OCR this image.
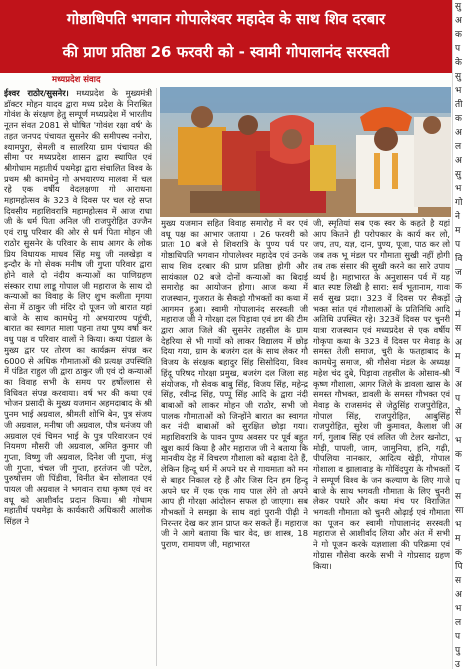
गोष्ठाधिपति भगवान गोपालेश्वर महादेव के साथ शिव दरबार
की प्राण प्रतिष्ठा 26 फरवरी को - स्वामी गोपालानंद सरस्वती
मध्यप्रदेश संवाद
ईश्वर राठोर/सुसनेर। मध्यप्रदेश के मुख्यमंत्री डॉक्टर मोहन यादव द्वारा मध्य प्रदेश के निराश्रित गोवंश के संरक्षण हेतु सम्पूर्ण मध्यप्रदेश में भारतीय नूतन संवत 2081 से घोषित 'गोवंश रक्षा वर्ष' के तहत जनपद पंचायत सुसनेर की समीपस्थ ननोरा, श्यामपुरा, सेमली व सालरिया ग्राम पंचायत की सीमा पर मध्यप्रदेश शासन द्वारा स्थापित एवं श्रीगोधाम महातीर्थ पथमेड़ा द्वारा संचालित विश्व के प्रथम श्री कामधेनु गो अभयारण्य मालवा में चल रहे एक वर्षीय वेदलक्षणा गो आराधना महामहोत्सव के 323 वे दिवस पर चल रहे सप्त दिवसीय महाशिवरात्रि महामहोत्सव में आज राधा जी के धर्म पिता अनिल जी राजपुरोहित उज्जैन एवं राधु परिवार की ओर से धर्म पिता मोहन जी राठोर सुसनेर के परिवार के साथ आगर के लोक प्रिय विधायक माधव सिंह मधु जी नलखेड़ा व इन्दौर के गो सेवक मनीष जी गुप्ता परिवार द्वारा होने वाले दो नंदीय कन्याओं का पाणिग्रहण संस्कार राधा लाडू गोपाल जी महाराज के साथ दो कन्याओं का विवाह के लिए शुभ कलीता मृगया सेना में ठाकुर जी मंदिर दो पूजन जो बारात यहां बाजे के साथ कामधेनु गो अभयारण्य पहुंची, बारात का स्वागत माला पहना तथा पुष्प वर्षा कर वधु पक्ष व परिवार वालों ने किया। कथा पंडाल के मुख्य द्वार पर तोरण का कार्यक्रम संपन्न कर 6000 से अधिक गौमाताओं की प्रत्यक्ष उपस्थिति में पंडित राहुल जी द्वारा ठाकुर जी एवं दो कन्याओं का विवाह सभी के समय पर हर्षोल्लास से विधिवत संपन्न करवाया। वर्ष भर की कथा एवं भोजन प्रसादी के मुख्य यजमान अहमदाबाद के श्री पुनम भाई अग्रवाल, श्रीमती शोभि बेन, पुत्र संजय जी अग्रवाल, मनीषा जी अग्रवाल, पौत्र धनंजय जी अग्रवाल एवं चिमन भाई के पुत्र परिवारजन एवं नियमण मौसरी जी अग्रवाल, अमित कुमार जी गुप्ता, विष्णु जी अग्रवाल, दिनेश जी गुप्ता, मंजु जी गुप्ता, चंचल जी गुप्ता, हरतंजन जी पटेल, पुरुषोत्तम जी पिंडीवा, विनीत बेन सोलावत एवं पायल जी अग्रवाल ने भगवान राधा कृष्ण एवं वर वधू को आशीर्वाद प्रदान किया। श्री गोधाम महातीर्थ पथमेड़ा के कार्यकारी अधिकारी आलोक सिंहल ने
मुख्य यजमान सहित विवाह समारोह में वर एवं वधू पक्ष का आभार जताया । 26 फरवरी को प्रातः 10 बजे से शिवरात्रि के पुण्य पर्व पर गोष्ठाधिपति भगवान गोपालेश्वर महादेव एवं उनके साथ शिव दरबार की प्राण प्रतिष्ठा होगी और सायंकाल 02 बजे दोनों कन्याओं का बिदाई समारोह का आयोजन होगा। आज कथा में राजस्थान, गुजरात के सैकड़ो गौभक्तों का कथा में आगमन हुआ। स्वामी गोपालानंद सरस्वती जी महाराज जी ने गोरक्षा दल पिड़ावा एवं डग की टीम द्वारा आज जिले की सुसनेर तहसील के ग्राम देहरिया से भी गायों को लाकर विद्यालय में छोड़ दिया गया, ग्राम के बजरंग दल के साथ लेकर गौ विजय के संरक्षक बहादुर सिंह सिसोदिया, विश्व हिंदू परिषद गोरक्षा प्रमुख, बजरंग दल जिला सह संयोजक, गौ सेवक बाबु सिंह, विजय सिंह, महेन्द्र सिंह, रवीन्द्र सिंह, पप्पू सिंह आदि के द्वारा नंदी बाबाओं को लाकर मोहन जी राठोर, सभी जो पालक गौमाताओं को जिन्होंने बारात का स्वागत कर नंदी बाबाओं को सुरक्षित छोड़ा गया। महाशिवरात्रि के पावन पुण्य अवसर पर पूर्व बहुत खुश कार्य किया है और महाराज जी ने बताया कि मानवीय देह में विचरण गौशाला को बढ़ावा देते हैं, लेकिन हिन्दू धर्म में अपने घर से गायमाता को मन से बाहर निकाल रहे हैं और जिस दिन हम हिन्दू अपने घर में एक एक गाय पाल लेंगे तो अपने आप ही गोरक्षा आंदोलन सफल हो जाएगा। सब गौभक्तों ने समझा के साथ वहां पुरानी पीढ़ी ने निरन्तर देख कर ज्ञान प्राप्त कर सकते हैं। महाराज जी ने आगे बताया कि चार वेद, छः शास्त्र, 18 पुराण, रामायण जी, महाभारत
जी, स्मृतियां सब एक स्वर के कहते है यहां आप कितने ही परोपकार के कार्य कर लो, जप, तप, यज्ञ, दान, पुण्य, पूजा, पाठ कर लो जब तक भू मंडल पर गौमाता सुखी नहीं होगी तब तक संसार की सुखी करने का सारे उपाय व्यर्थ है। महाभारत के अनुशासन पर्व में यह बात स्पष्ट लिखी है सारा: सर्व भूतानाम, गावः सर्व सुख प्रदाः। 323 वें दिवस पर सैकड़ों भक्त सांत एवं गौशालाओं के प्रतिनिधि आदि अतिथि उपस्थित रहे। 323वें दिवस पर चुनरी यात्रा राजस्थान एवं मध्यप्रदेश से एक वर्षीय गोकृपा कथा के 323 वें दिवस पर मेवाड़ के समस्त तेली समाज, चुरी के फतहाबाद के कामधेनु समाज, श्री गौसेवा मंडल के अध्यक्ष महेश चंद दुबे, पिड़ावा तहसील के ओसाव-श्री कृष्ण गौशाला, आगर जिले के डावला खास के समस्त गौभक्त, डावली के समस्त गौभक्त एवं मेवाड़ के राजसमंद से जेठुसिंह राजपुरोहित, गोपाल सिंह, राजपुरोहित, आबुसिंह राजपुरोहित, सुरेश जी कुमावत, कैलाश जी गर्ग, गुलाब सिंह एवं ललित जी टेलर खनोटा, मोड़ी, पापली, जाम, जामुनिया, हनि, गढ़ी, पीपलिया नानकार, आदित्य खेड़ी, गोपाल गोशाला व झालावाड़ के गोविंदपुरा के गौभक्तों ने सम्पूर्ण विश्व के जन कल्याण के लिए गाजे बाजे के साथ भगवती गौमाता के लिए चुनरी लेकर पधारे और कथा मंच पर विराजित भगवती गौमाता को चुनरी ओढ़ाई एवं गौमाता का पूजन कर स्वामी गोपालानंद सरस्वती महाराज से आशीर्वाद लिया और अंत में सभी ने गो पूजन करके यज्ञशाला की परिक्रमा एवं गोग्रास गौसेवा करके सभी ने गोप्रसाद ग्रहण किया।
सु
अ
क
प
के
सु
भ
ती
क
अ
ल
अ
सु
भ
गो
ने
म
प
वि
ज
क
जे
मं
स
अ
म
व
अ
प
से
अ
भ
क
द
प
स
सा
भ
म
क
पि
स
अ
भ
ल
प
पु
उ
